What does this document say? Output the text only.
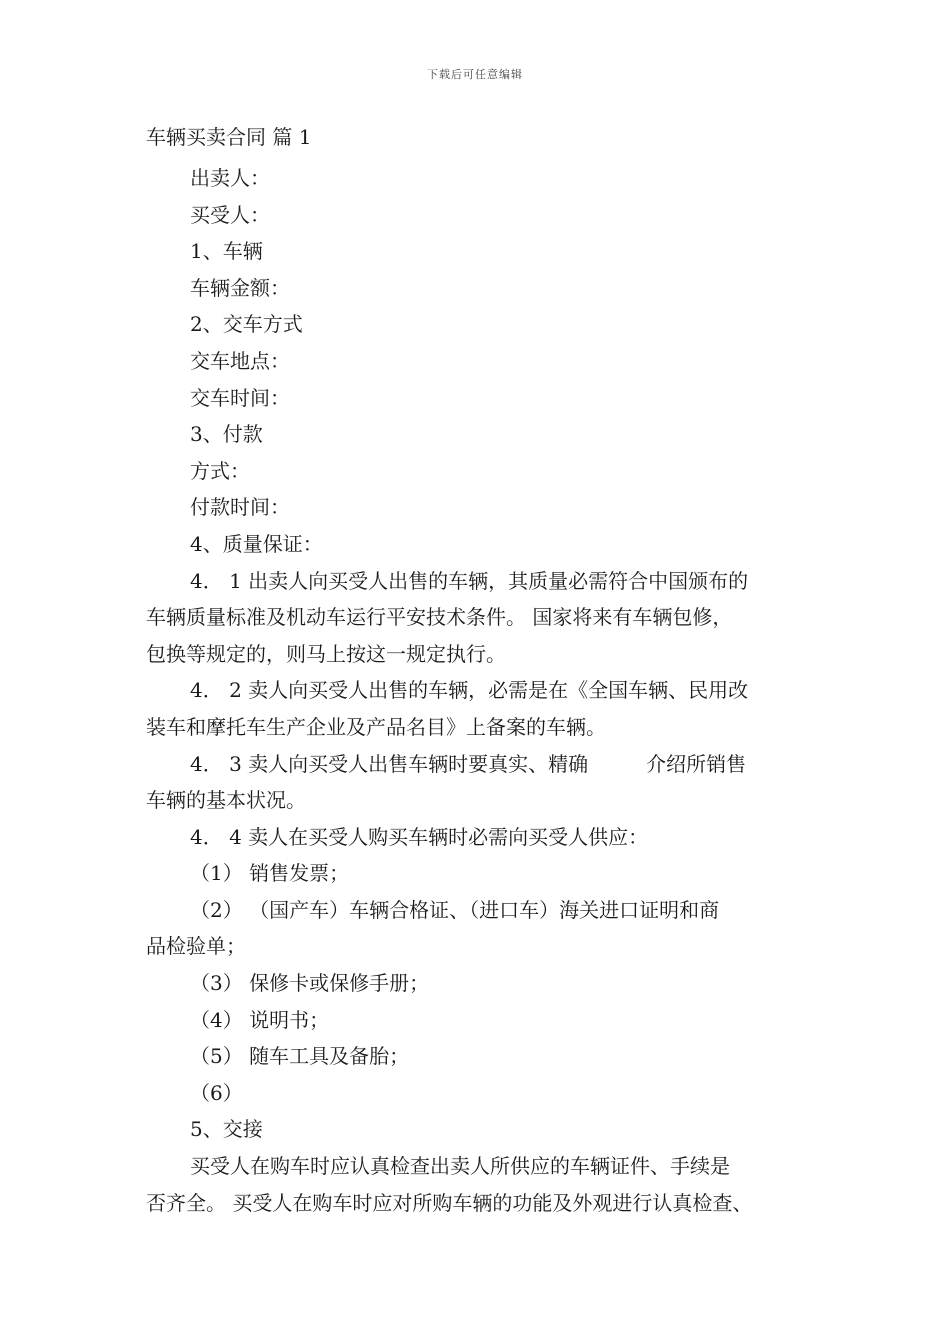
下载后可任意编辑
车辆买卖合同 篇 1

出卖人：

买受人：

1、车辆

车辆金额：

2、交车方式

交车地点：

交车时间：

3、付款

方式：

付款时间：

4、质量保证：

4． 1 出卖人向买受人出售的车辆，其质量必需符合中国颁布的

车辆质量标准及机动车运行平安技术条件。 国家将来有车辆包修，

包换等规定的，则马上按这一规定执行。

4． 2 卖人向买受人出售的车辆，必需是在《全国车辆、民用改

装车和摩托车生产企业及产品名目》上备案的车辆。

4． 3 卖人向买受人出售车辆时要真实、精确	介绍所销售

车辆的基本状况。

4． 4 卖人在买受人购买车辆时必需向买受人供应：

（1） 销售发票；

（2） （国产车）车辆合格证、（进口车）海关进口证明和商

品检验单；

（3） 保修卡或保修手册；

（4） 说明书；

（5） 随车工具及备胎；

（6）

5、交接

买受人在购车时应认真检查出卖人所供应的车辆证件、手续是

否齐全。 买受人在购车时应对所购车辆的功能及外观进行认真检查、
